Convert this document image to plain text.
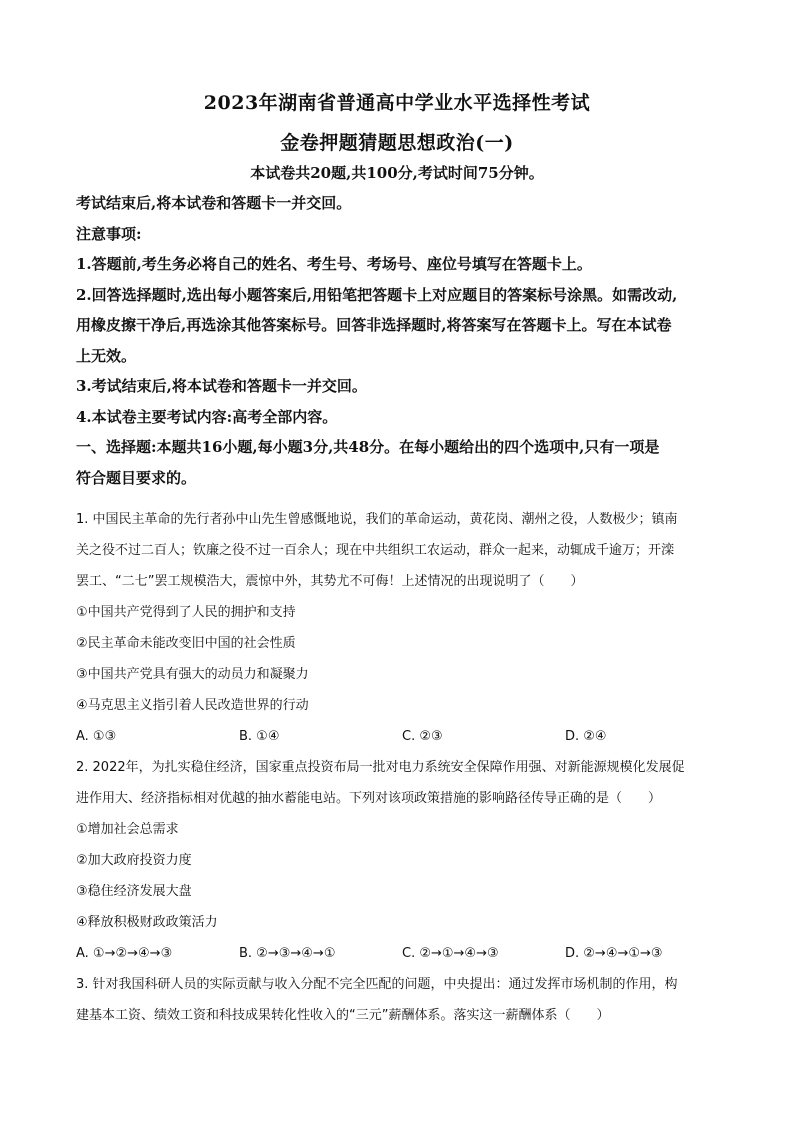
2023年湖南省普通高中学业水平选择性考试
金卷押题猜题思想政治(一)
本试卷共20题,共100分,考试时间75分钟。

考试结束后,将本试卷和答题卡一并交回。

注意事项:

1.答题前,考生务必将自己的姓名、考生号、考场号、座位号填写在答题卡上。

2.回答选择题时,选出每小题答案后,用铅笔把答题卡上对应题目的答案标号涂黑。如需改动,

用橡皮擦干净后,再选涂其他答案标号。回答非选择题时,将答案写在答题卡上。写在本试卷

上无效。

3.考试结束后,将本试卷和答题卡一并交回。

4.本试卷主要考试内容:高考全部内容。

一、选择题:本题共16小题,每小题3分,共48分。在每小题给出的四个选项中,只有一项是

符合题目要求的。

1. 中国民主革命的先行者孙中山先生曾感慨地说，我们的革命运动，黄花岗、潮州之役，人数极少；镇南

关之役不过二百人；钦廉之役不过一百余人；现在中共组织工农运动，群众一起来，动辄成千逾万；开滦

罢工、“二七”罢工规模浩大，震惊中外，其势尤不可侮！上述情况的出现说明了（　　）

①中国共产党得到了人民的拥护和支持

②民主革命未能改变旧中国的社会性质

③中国共产党具有强大的动员力和凝聚力

④马克思主义指引着人民改造世界的行动

A. ①③	B. ①④	C. ②③	D. ②④

2. 2022年，为扎实稳住经济，国家重点投资布局一批对电力系统安全保障作用强、对新能源规模化发展促

进作用大、经济指标相对优越的抽水蓄能电站。下列对该项政策措施的影响路径传导正确的是（　　）

①增加社会总需求

②加大政府投资力度

③稳住经济发展大盘

④释放积极财政政策活力

A. ①→②→④→③	B. ②→③→④→①	C. ②→①→④→③	D. ②→④→①→③

3. 针对我国科研人员的实际贡献与收入分配不完全匹配的问题，中央提出：通过发挥市场机制的作用，构

建基本工资、绩效工资和科技成果转化性收入的“三元”薪酬体系。落实这一薪酬体系（　　）
